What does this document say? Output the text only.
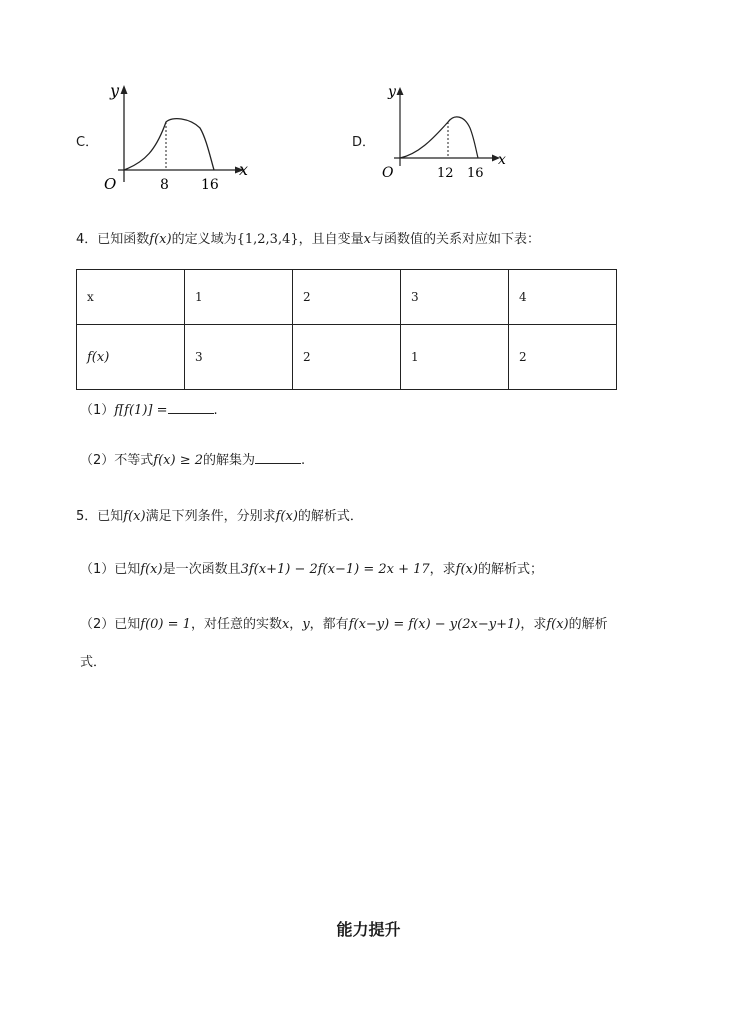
C．
y
x
O	8 16
D．
y
x
O	12 16
4．已知函数f(x)的定义域为{1,2,3,4}，且自变量x与函数值的关系对应如下表：
x	1	2	3	4
f(x)	3	2	1	2
（1）f[f(1)] =	.
（2）不等式f(x) ≥ 2的解集为	.
5．已知f(x)满足下列条件，分别求f(x)的解析式．
（1）已知f(x)是一次函数且3f(x+1) − 2f(x−1) = 2x + 17，求f(x)的解析式；
（2）已知f(0) = 1，对任意的实数x，y，都有f(x−y) = f(x) − y(2x−y+1)，求f(x)的解析
式．
能力提升
